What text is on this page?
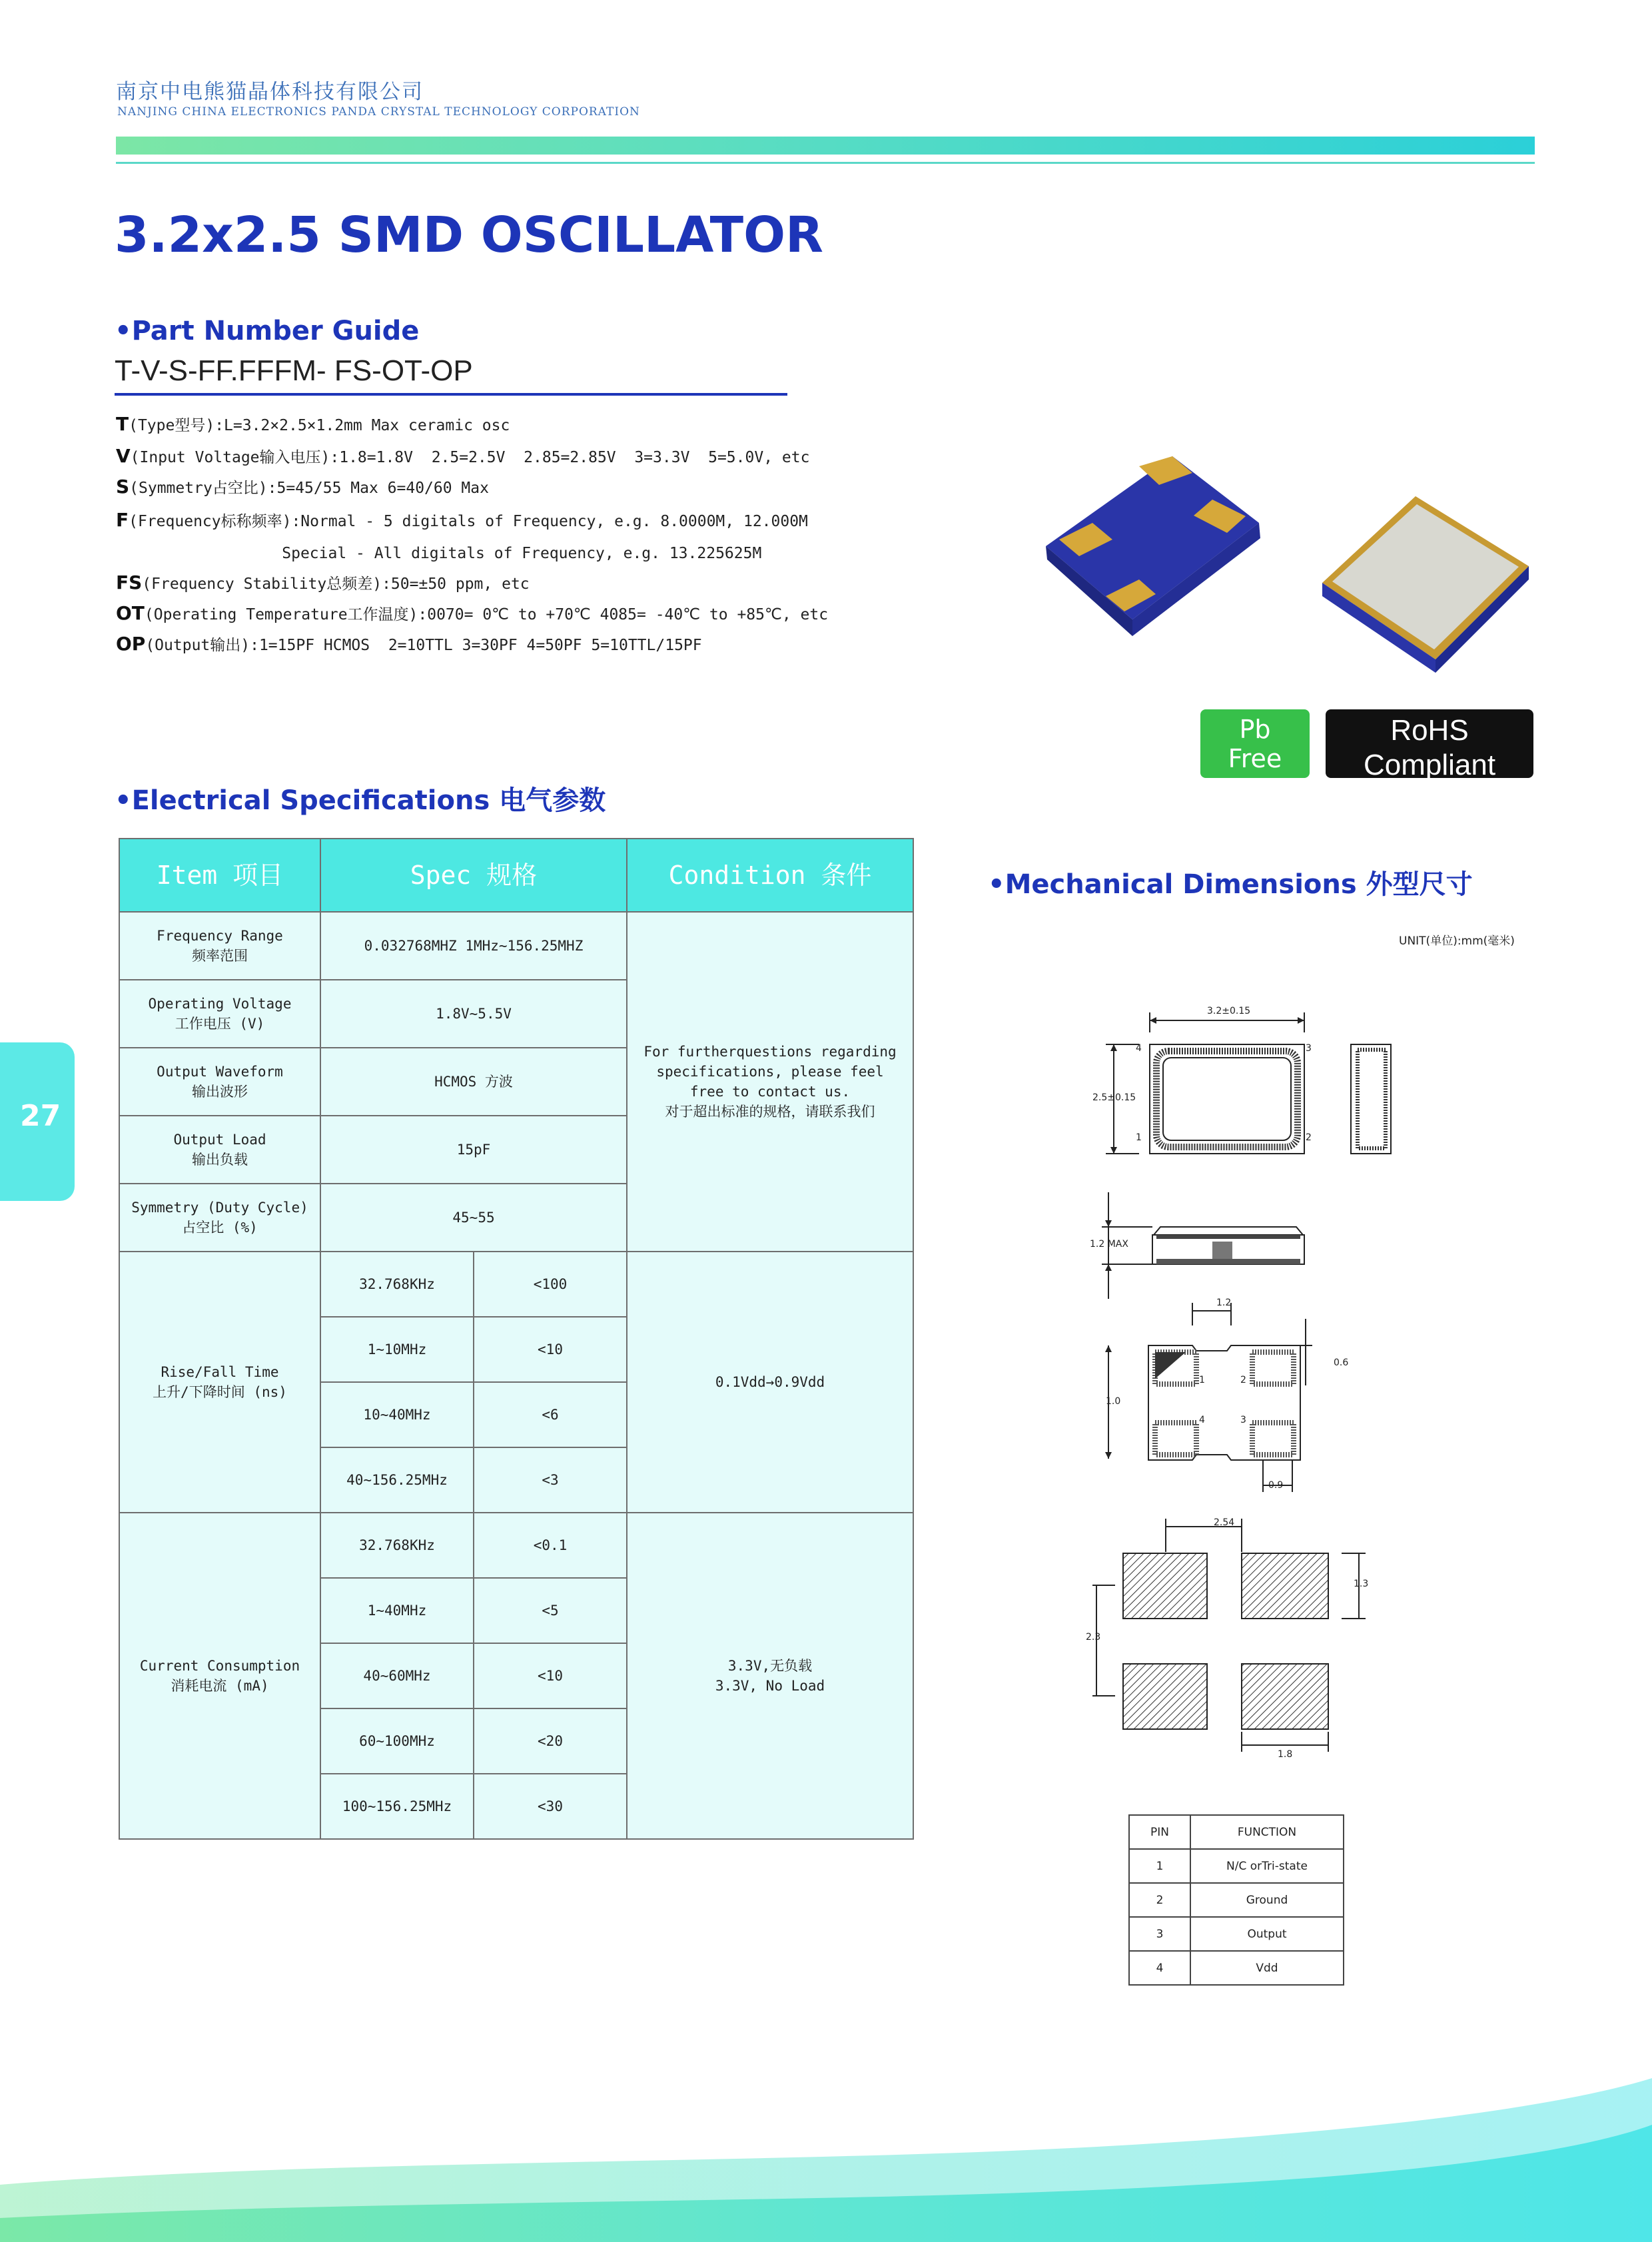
南京中电熊猫晶体科技有限公司
NANJING CHINA ELECTRONICS PANDA CRYSTAL TECHNOLOGY CORPORATION
3.2x2.5 SMD OSCILLATOR
•Part Number Guide
T-V-S-FF.FFFM- FS-OT-OP
T(Type型号):L=3.2×2.5×1.2mm Max ceramic osc
V(Input Voltage输入电压):1.8=1.8V  2.5=2.5V  2.85=2.85V  3=3.3V  5=5.0V, etc
S(Symmetry占空比):5=45/55 Max 6=40/60 Max
F(Frequency标称频率):Normal - 5 digitals of Frequency, e.g. 8.0000M, 12.000M
Special - All digitals of Frequency, e.g. 13.225625M
FS(Frequency Stability总频差):50=±50 ppm, etc
OT(Operating Temperature工作温度):0070= 0℃ to +70℃ 4085= -40℃ to +85℃, etc
OP(Output输出):1=15PF HCMOS  2=10TTL 3=30PF 4=50PF 5=10TTL/15PF
Pb
Free
RoHS Compliant
Directive 2002/95/EC
•Electrical Specifications 电气参数
Item 项目	Spec 规格		Condition 条件
Frequency Range
频率范围	0.032768MHZ 1MHz~156.25MHZ		For furtherquestions regarding
specifications, please feel
free to contact us.
对于超出标准的规格，请联系我们
Operating Voltage
工作电压 (V)	1.8V~5.5V		
Output Waveform
输出波形	HCMOS 方波		
Output Load
输出负载	15pF		
Symmetry (Duty Cycle)
占空比 (%)	45~55		
Rise/Fall Time
上升/下降时间 (ns)	32.768KHz	<100	0.1Vdd→0.9Vdd
	1~10MHz	<10	
	10~40MHz	<6	
	40~156.25MHz	<3	
Current Consumption
消耗电流 (mA)	32.768KHz	<0.1	3.3V,无负载
3.3V, No Load
	1~40MHz	<5	
	40~60MHz	<10	
	60~100MHz	<20	
	100~156.25MHz	<30	
27
•Mechanical Dimensions 外型尺寸
UNIT(单位):mm(毫米)
3.2±0.15
2.5±0.15
4	3
1	2
1.2 MAX
1.2
0.6
1.0
0.9
1	2
4	3
2.54
1.3
2.3
1.8
PIN	FUNCTION
1	N/C orTri-state
2	Ground
3	Output
4	Vdd
